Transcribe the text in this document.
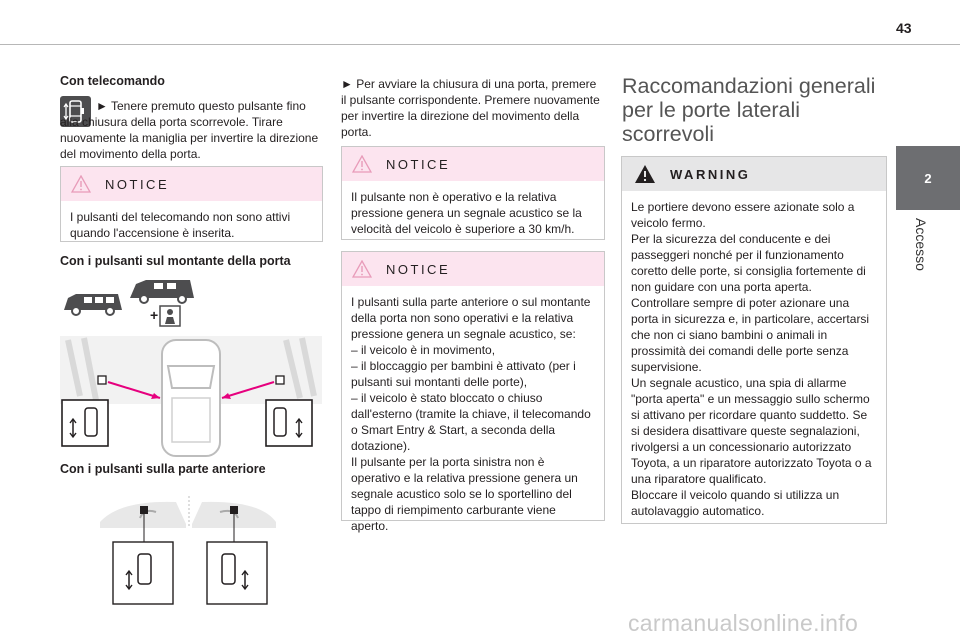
43
2
Accesso
Con telecomando
► Tenere premuto questo pulsante fino alla chiusura della porta scorrevole. Tirare nuovamente la maniglia per invertire la direzione del movimento della porta.
NOTICE
I pulsanti del telecomando non sono attivi quando l'accensione è inserita.
Con i pulsanti sul montante della porta
+
Con i pulsanti sulla parte anteriore
► Per avviare la chiusura di una porta, premere il pulsante corrispondente. Premere nuovamente per invertire la direzione del movimento della porta.
NOTICE
Il pulsante non è operativo e la relativa pressione genera un segnale acustico se la velocità del veicolo è superiore a 30 km/h.
NOTICE
I pulsanti sulla parte anteriore o sul montante della porta non sono operativi e la relativa pressione genera un segnale acustico, se:
– il veicolo è in movimento,
– il bloccaggio per bambini è attivato (per i pulsanti sui montanti delle porte),
– il veicolo è stato bloccato o chiuso dall'esterno (tramite la chiave, il telecomando o Smart Entry & Start, a seconda della dotazione).
Il pulsante per la porta sinistra non è operativo e la relativa pressione genera un segnale acustico solo se lo sportellino del tappo di riempimento carburante viene aperto.
Raccomandazioni generali per le porte laterali scorrevoli
WARNING
Le portiere devono essere azionate solo a veicolo fermo.
Per la sicurezza del conducente e dei passeggeri nonché per il funzionamento coretto delle porte, si consiglia fortemente di non guidare con una porta aperta.
Controllare sempre di poter azionare una porta in sicurezza e, in particolare, accertarsi che non ci siano bambini o animali in prossimità dei comandi delle porte senza supervisione.
Un segnale acustico, una spia di allarme "porta aperta" e un messaggio sullo schermo si attivano per ricordare quanto suddetto. Se si desidera disattivare queste segnalazioni, rivolgersi a un concessionario autorizzato Toyota, a un riparatore autorizzato Toyota o a una riparatore qualificato.
Bloccare il veicolo quando si utilizza un autolavaggio automatico.
carmanualsonline.info
